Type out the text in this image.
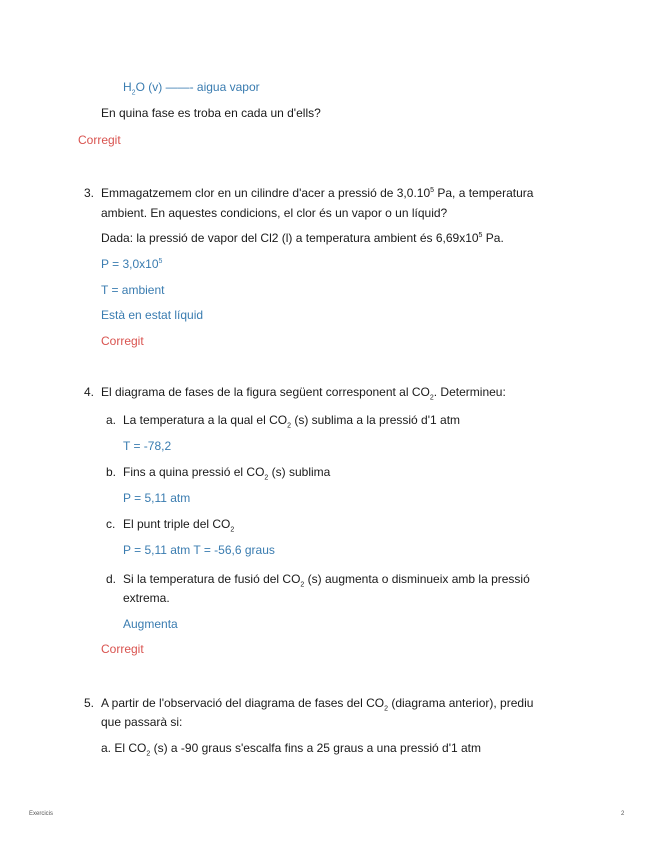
$H_2O$ (v) ——- aigua vapor
En quina fase es troba en cada un d'ells?
Corregit
3. Emmagatzemem clor en un cilindre d'acer a pressió de 3,0.10$^5$ Pa, a temperatura
ambient. En aquestes condicions, el clor és un vapor o un líquid?
Dada: la pressió de vapor del Cl2 (l) a temperatura ambient és $6,69x10^5$ Pa.
$P = 3,0x10^5$
T = ambient
Està en estat líquid
Corregit
4. El diagrama de fases de la figura següent corresponent al $CO_2$. Determineu:
a. La temperatura a la qual el $CO_2$ (s) sublima a la pressió d'1 atm
T = -78,2
b. Fins a quina pressió el $CO_2$ (s) sublima
P = 5,11 atm
c. El punt triple del $CO_2$
P = 5,11 atm T = -56,6 graus
d. Si la temperatura de fusió del $CO_2$ (s) augmenta o disminueix amb la pressió
extrema.
Augmenta
Corregit
5. A partir de l'observació del diagrama de fases del $CO_2$ (diagrama anterior), prediu
que passarà si:
a. El $CO_2$ (s) a -90 graus s'escalfa fins a 25 graus a una pressió d'1 atm
Exercicis	2
